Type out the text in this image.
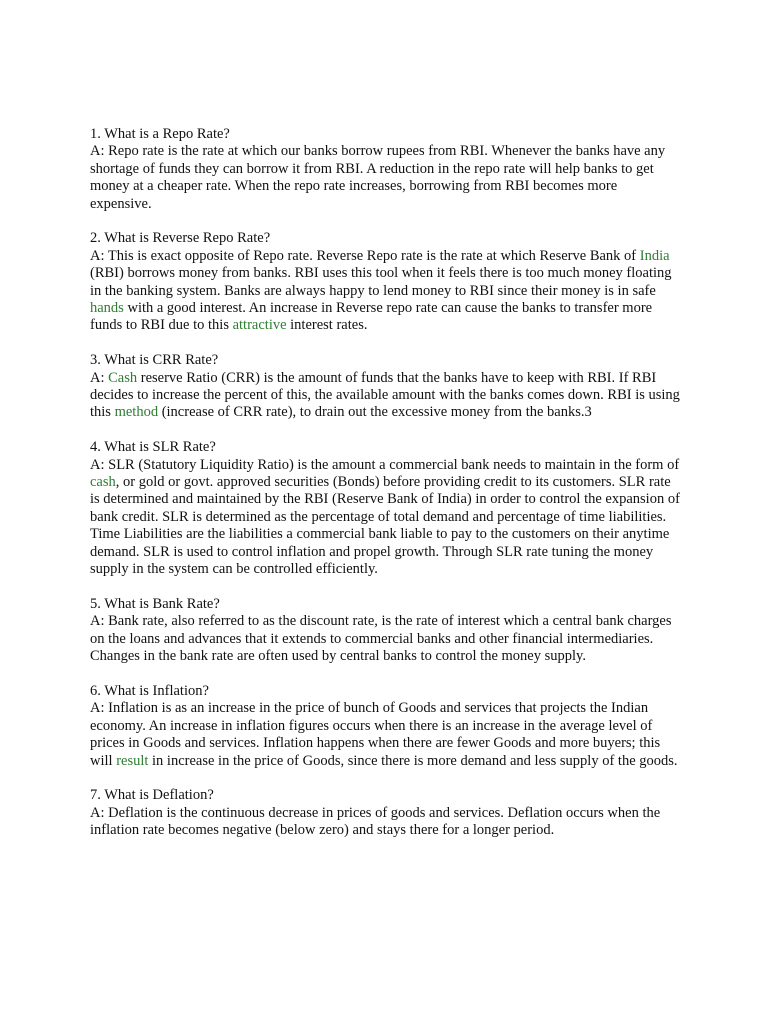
1. What is a Repo Rate?

A: Repo rate is the rate at which our banks borrow rupees from RBI. Whenever the banks have any shortage of funds they can borrow it from RBI. A reduction in the repo rate will help banks to get money at a cheaper rate. When the repo rate increases, borrowing from RBI becomes more expensive.

2. What is Reverse Repo Rate?

A: This is exact opposite of Repo rate. Reverse Repo rate is the rate at which Reserve Bank of India (RBI) borrows money from banks. RBI uses this tool when it feels there is too much money floating in the banking system. Banks are always happy to lend money to RBI since their money is in safe hands with a good interest. An increase in Reverse repo rate can cause the banks to transfer more funds to RBI due to this attractive interest rates.

3. What is CRR Rate?

A: Cash reserve Ratio (CRR) is the amount of funds that the banks have to keep with RBI. If RBI decides to increase the percent of this, the available amount with the banks comes down. RBI is using this method (increase of CRR rate), to drain out the excessive money from the banks.3

4. What is SLR Rate?

A: SLR (Statutory Liquidity Ratio) is the amount a commercial bank needs to maintain in the form of cash, or gold or govt. approved securities (Bonds) before providing credit to its customers. SLR rate is determined and maintained by the RBI (Reserve Bank of India) in order to control the expansion of bank credit. SLR is determined as the percentage of total demand and percentage of time liabilities. Time Liabilities are the liabilities a commercial bank liable to pay to the customers on their anytime demand. SLR is used to control inflation and propel growth. Through SLR rate tuning the money supply in the system can be controlled efficiently.

5. What is Bank Rate?

A: Bank rate, also referred to as the discount rate, is the rate of interest which a central bank charges on the loans and advances that it extends to commercial banks and other financial intermediaries. Changes in the bank rate are often used by central banks to control the money supply.

6. What is Inflation?

A: Inflation is as an increase in the price of bunch of Goods and services that projects the Indian economy. An increase in inflation figures occurs when there is an increase in the average level of prices in Goods and services. Inflation happens when there are fewer Goods and more buyers; this will result in increase in the price of Goods, since there is more demand and less supply of the goods.

7. What is Deflation?

A: Deflation is the continuous decrease in prices of goods and services. Deflation occurs when the inflation rate becomes negative (below zero) and stays there for a longer period.
